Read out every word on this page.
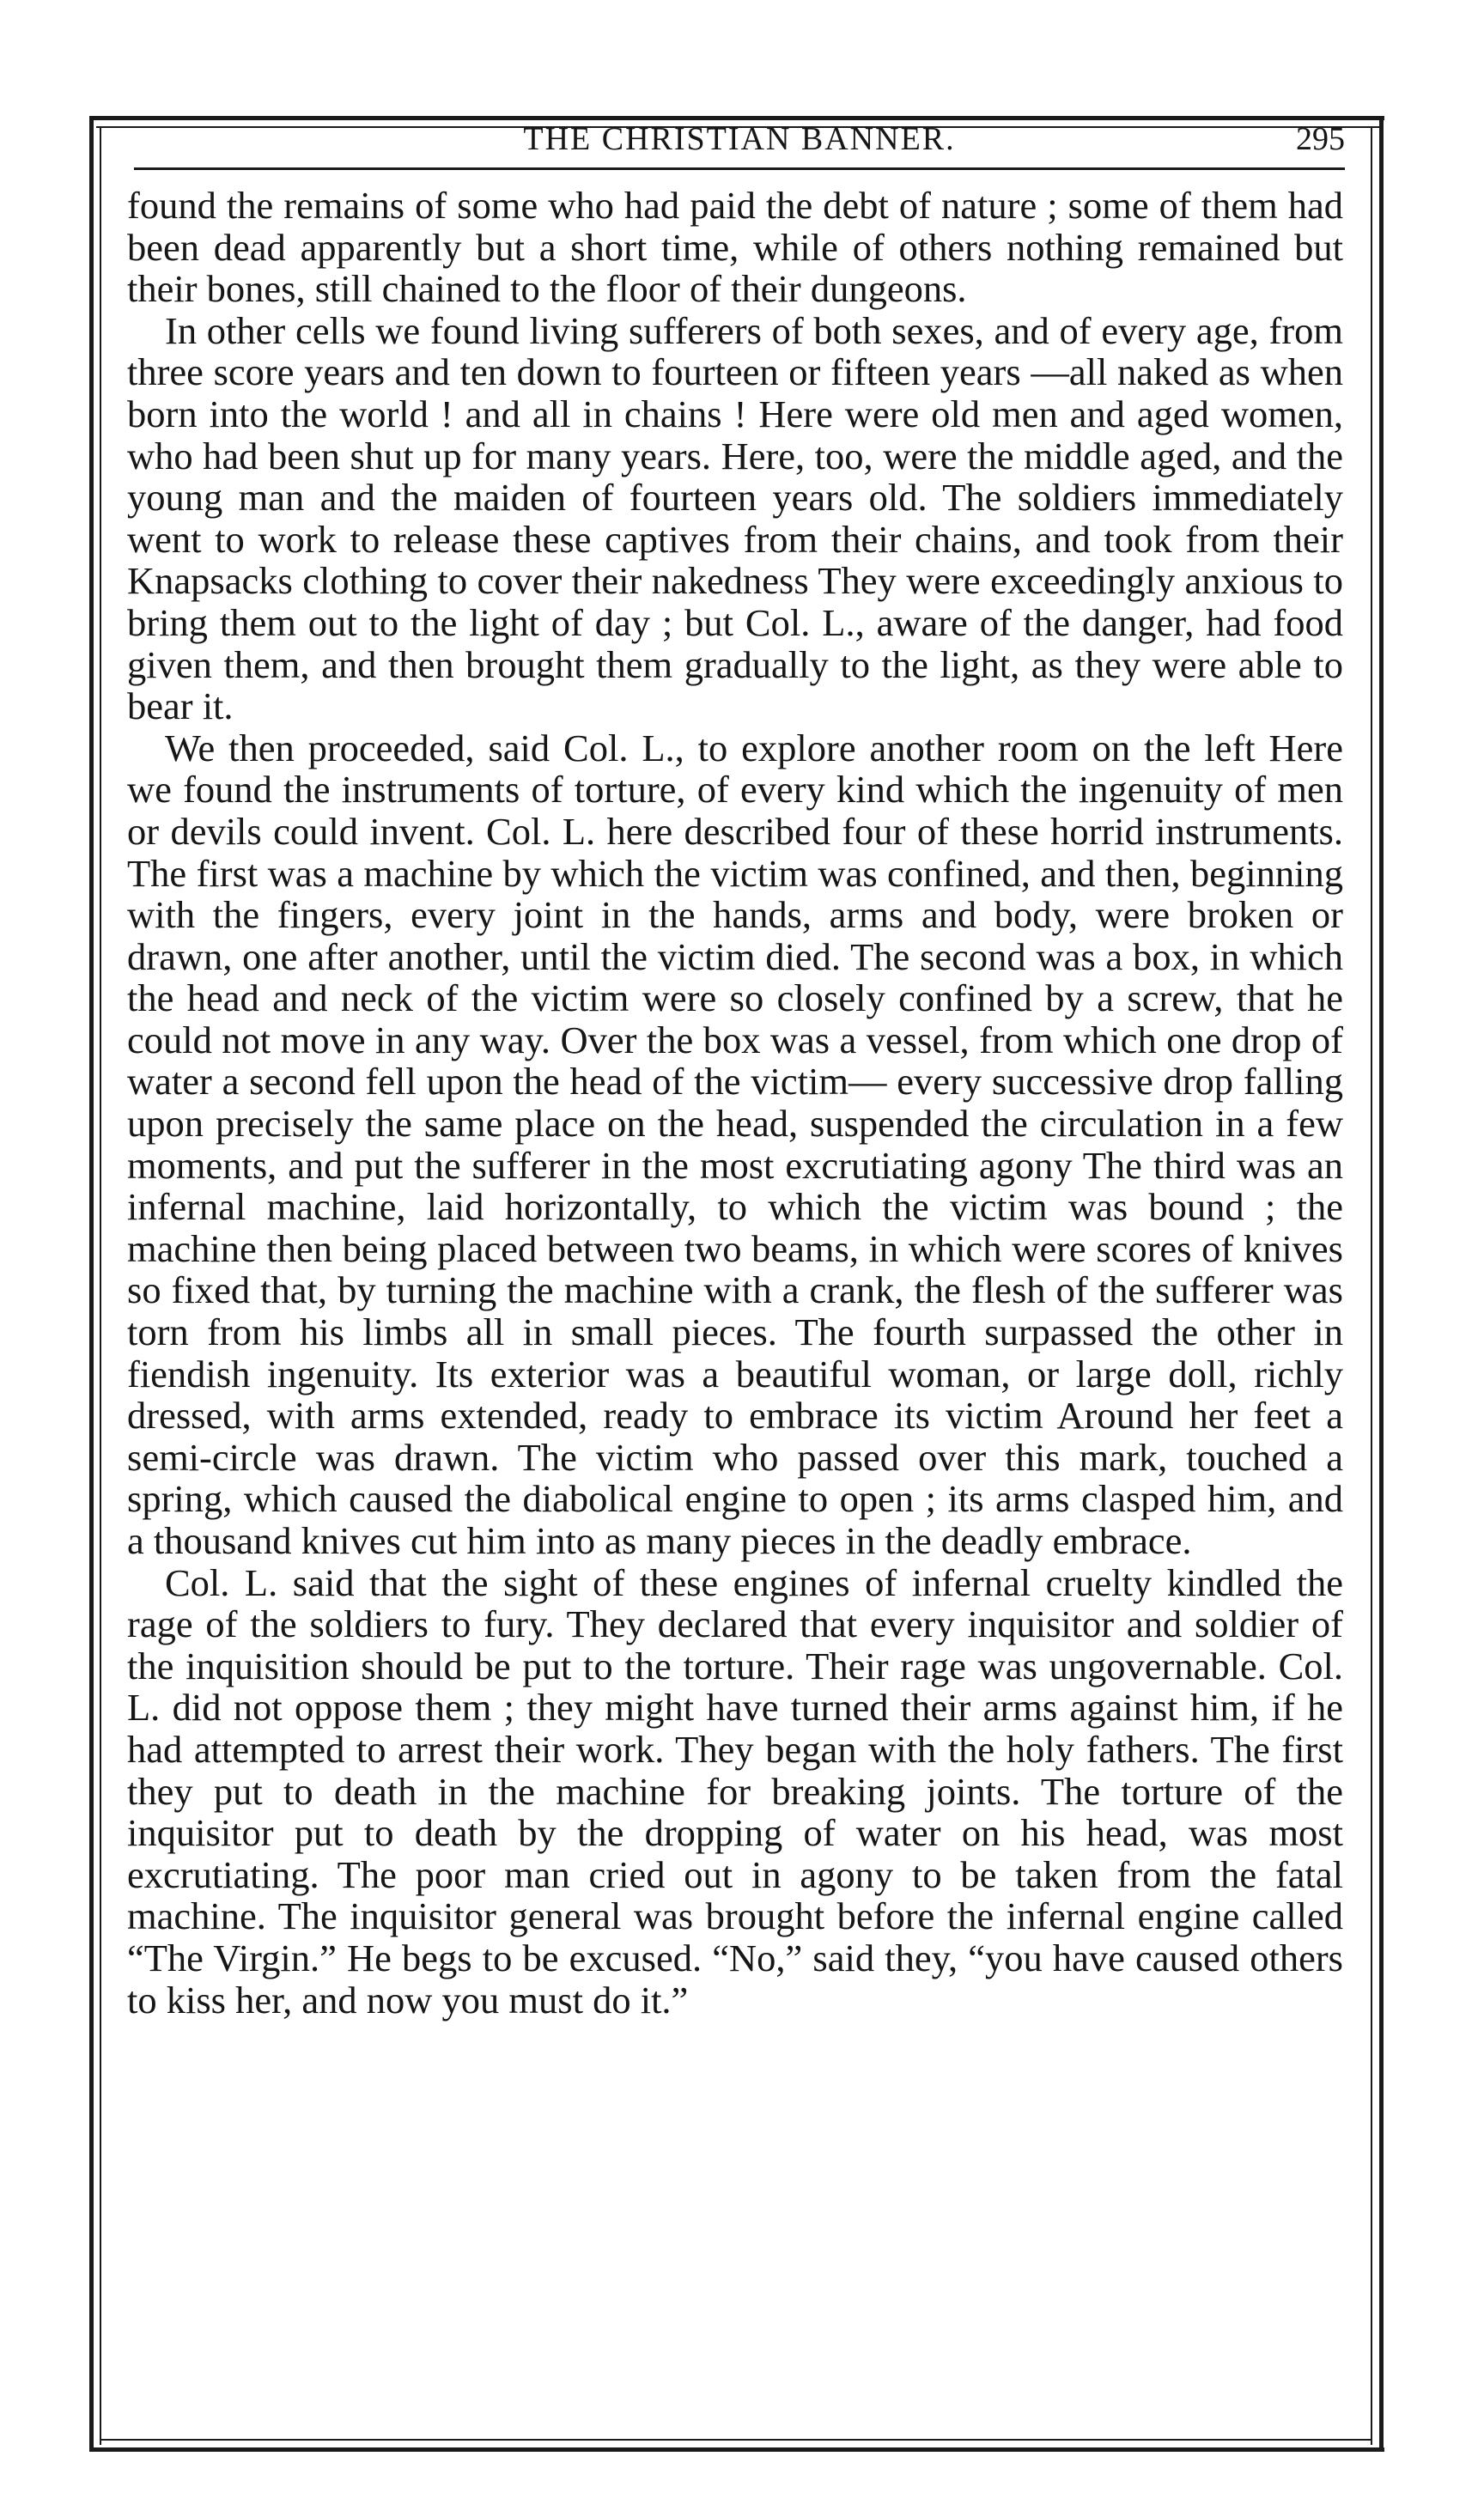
THE CHRISTIAN BANNER.	295

found the remains of some who had paid the debt of nature ; some of them had been dead apparently but a short time, while of others nothing remained but their bones, still chained to the floor of their dungeons.

In other cells we found living sufferers of both sexes, and of every age, from three score years and ten down to fourteen or fifteen years —all naked as when born into the world ! and all in chains ! Here were old men and aged women, who had been shut up for many years. Here, too, were the middle aged, and the young man and the maiden of fourteen years old. The soldiers immediately went to work to release these captives from their chains, and took from their Knapsacks clothing to cover their nakedness They were exceedingly anxious to bring them out to the light of day ; but Col. L., aware of the danger, had food given them, and then brought them gradually to the light, as they were able to bear it.

We then proceeded, said Col. L., to explore another room on the left Here we found the instruments of torture, of every kind which the ingenuity of men or devils could invent. Col. L. here described four of these horrid instruments. The first was a machine by which the victim was confined, and then, beginning with the fingers, every joint in the hands, arms and body, were broken or drawn, one after another, until the victim died. The second was a box, in which the head and neck of the victim were so closely confined by a screw, that he could not move in any way. Over the box was a vessel, from which one drop of water a second fell upon the head of the victim— every successive drop falling upon precisely the same place on the head, suspended the circulation in a few moments, and put the sufferer in the most excrutiating agony The third was an infernal machine, laid horizontally, to which the victim was bound ; the machine then being placed between two beams, in which were scores of knives so fixed that, by turning the machine with a crank, the flesh of the sufferer was torn from his limbs all in small pieces. The fourth surpassed the other in fiendish ingenuity. Its exterior was a beautiful woman, or large doll, richly dressed, with arms extended, ready to embrace its victim Around her feet a semi-circle was drawn. The victim who passed over this mark, touched a spring, which caused the diabolical engine to open ; its arms clasped him, and a thousand knives cut him into as many pieces in the deadly embrace.

Col. L. said that the sight of these engines of infernal cruelty kindled the rage of the soldiers to fury. They declared that every inquisitor and soldier of the inquisition should be put to the torture. Their rage was ungovernable. Col. L. did not oppose them ; they might have turned their arms against him, if he had attempted to arrest their work. They began with the holy fathers. The first they put to death in the machine for breaking joints. The torture of the inquisitor put to death by the dropping of water on his head, was most excrutiating. The poor man cried out in agony to be taken from the fatal machine. The inquisitor general was brought before the infernal engine called “The Virgin.” He begs to be excused. “No,” said they, “you have caused others to kiss her, and now you must do it.”
